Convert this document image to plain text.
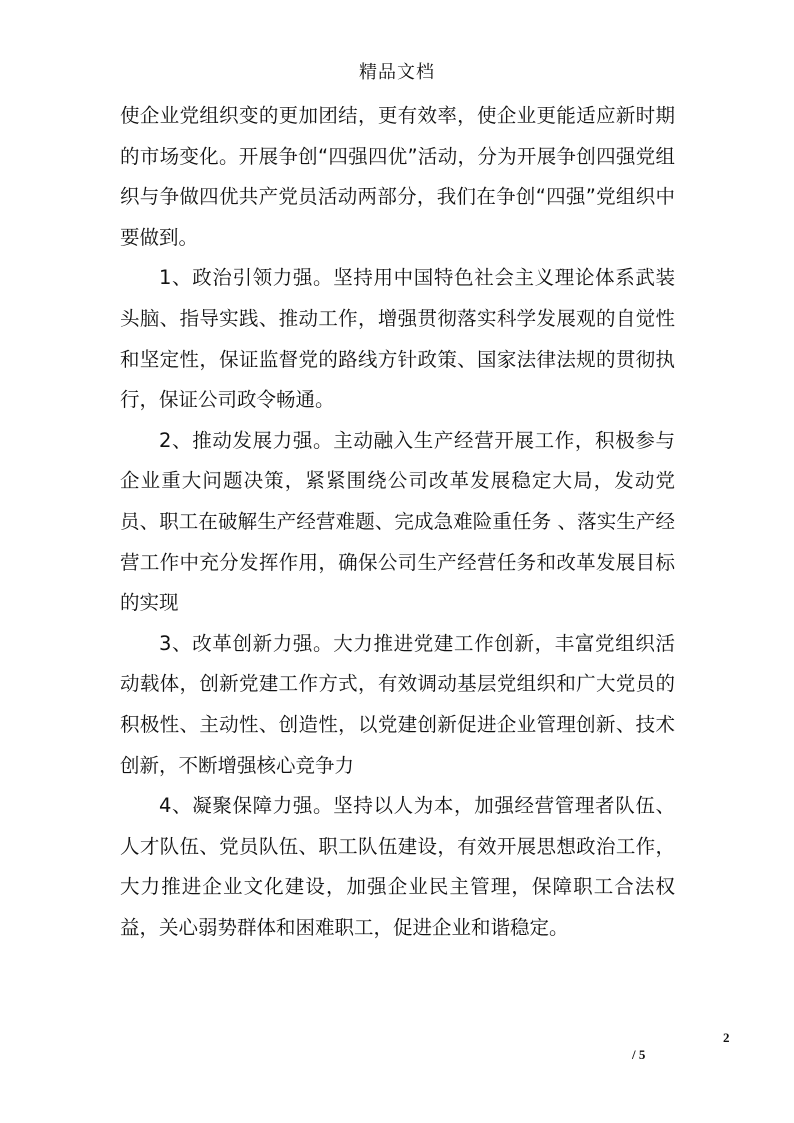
精品文档

使企业党组织变的更加团结，更有效率，使企业更能适应新时期的市场变化。开展争创“四强四优”活动，分为开展争创四强党组织与争做四优共产党员活动两部分，我们在争创“四强”党组织中要做到。

1、政治引领力强。坚持用中国特色社会主义理论体系武装头脑、指导实践、推动工作，增强贯彻落实科学发展观的自觉性和坚定性，保证监督党的路线方针政策、国家法律法规的贯彻执行，保证公司政令畅通。

2、推动发展力强。主动融入生产经营开展工作，积极参与企业重大问题决策，紧紧围绕公司改革发展稳定大局，发动党员、职工在破解生产经营难题、完成急难险重任务 、落实生产经营工作中充分发挥作用，确保公司生产经营任务和改革发展目标的实现

3、改革创新力强。大力推进党建工作创新，丰富党组织活动载体，创新党建工作方式，有效调动基层党组织和广大党员的积极性、主动性、创造性，以党建创新促进企业管理创新、技术创新，不断增强核心竞争力

4、凝聚保障力强。坚持以人为本，加强经营管理者队伍、人才队伍、党员队伍、职工队伍建设，有效开展思想政治工作，大力推进企业文化建设，加强企业民主管理，保障职工合法权益，关心弱势群体和困难职工，促进企业和谐稳定。

2
/ 5
